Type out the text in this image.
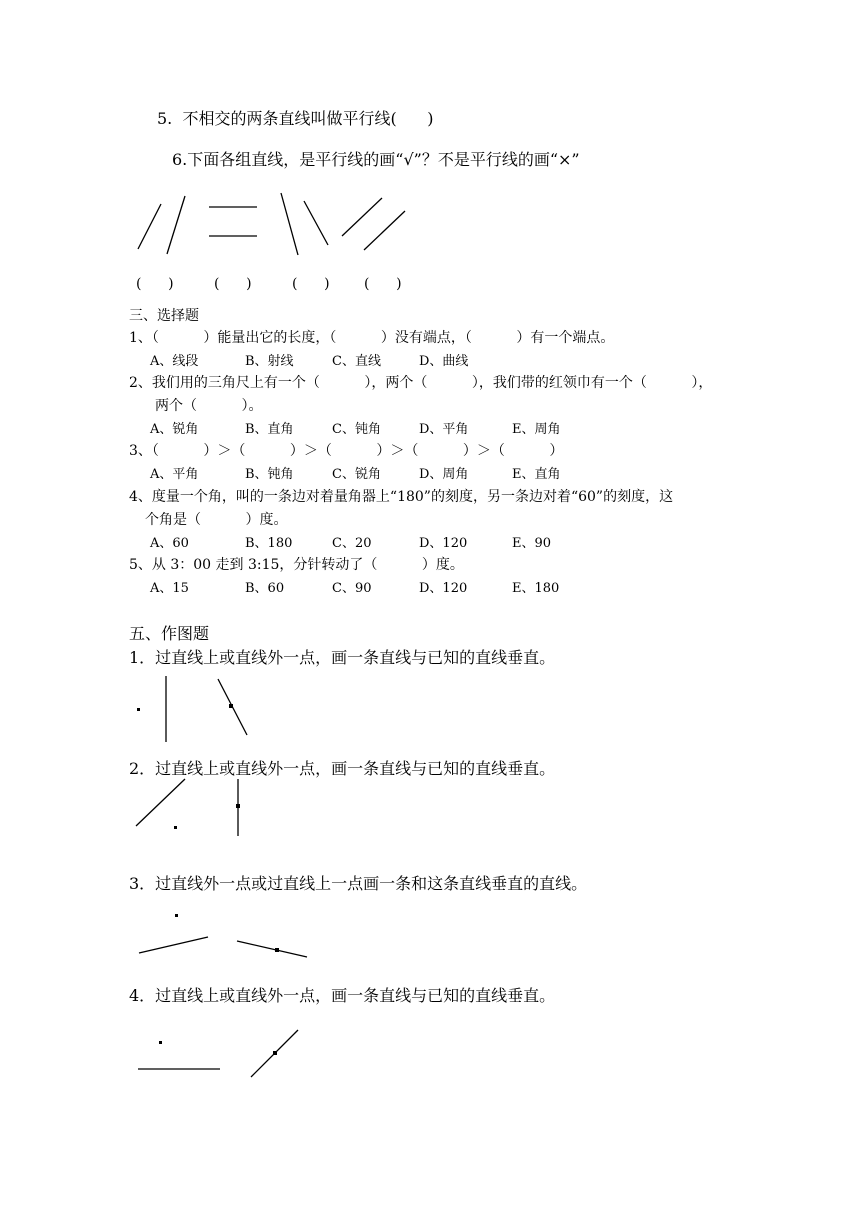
5.  不相交的两条直线叫做平行线(      )
6.下面各组直线，是平行线的画“√”？不是平行线的画“×”
(      )	(      )	(      ) (      )
三、选择题
1、（          ）能量出它的长度，（          ）没有端点，（          ）有一个端点。
A、线段	B、射线	C、直线	D、曲线
2、我们用的三角尺上有一个（          ），两个（          ），我们带的红领巾有一个（          ），
两个（          ）。
A、锐角	B、直角	C、钝角	D、平角	E、周角
3、（          ）＞（          ）＞（          ）＞（          ）＞（          ）
A、平角	B、钝角	C、锐角	D、周角	E、直角
4、度量一个角，叫的一条边对着量角器上“180”的刻度，另一条边对着“60”的刻度，这
个角是（          ）度。
A、60	B、180	C、20	D、120	E、90
5、从 3：00 走到 3:15，分针转动了（          ）度。
A、15	B、60	C、90	D、120	E、180
五、作图题
1．过直线上或直线外一点，画一条直线与已知的直线垂直。
2．过直线上或直线外一点，画一条直线与已知的直线垂直。
3．过直线外一点或过直线上一点画一条和这条直线垂直的直线。
4．过直线上或直线外一点，画一条直线与已知的直线垂直。
